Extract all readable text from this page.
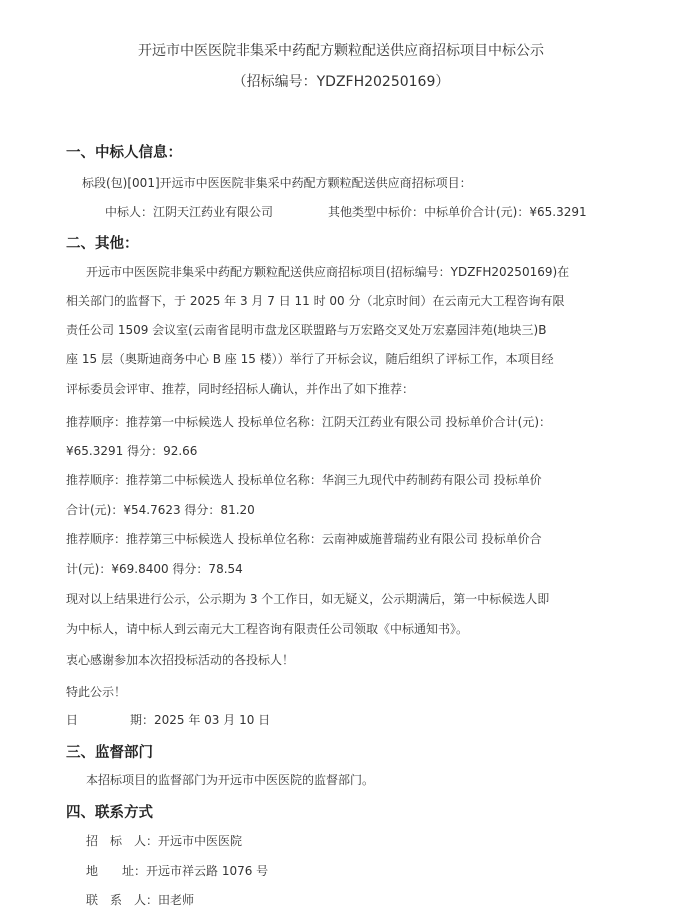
开远市中医医院非集采中药配方颗粒配送供应商招标项目中标公示
（招标编号：YDZFH20250169）
一、中标人信息：
标段(包)[001]开远市中医医院非集采中药配方颗粒配送供应商招标项目：
中标人：江阴天江药业有限公司	其他类型中标价：中标单价合计(元)：¥65.3291
二、其他：
开远市中医医院非集采中药配方颗粒配送供应商招标项目(招标编号：YDZFH20250169)在
相关部门的监督下，于 2025 年 3 月 7 日 11 时 00 分（北京时间）在云南元大工程咨询有限
责任公司 1509 会议室(云南省昆明市盘龙区联盟路与万宏路交叉处万宏嘉园沣苑(地块三)B
座 15 层（奥斯迪商务中心 B 座 15 楼））举行了开标会议，随后组织了评标工作，本项目经
评标委员会评审、推荐，同时经招标人确认，并作出了如下推荐：
推荐顺序：推荐第一中标候选人 投标单位名称：江阴天江药业有限公司 投标单价合计(元)：
¥65.3291 得分：92.66
推荐顺序：推荐第二中标候选人 投标单位名称：华润三九现代中药制药有限公司 投标单价
合计(元)：¥54.7623 得分：81.20
推荐顺序：推荐第三中标候选人 投标单位名称：云南神威施普瑞药业有限公司 投标单价合
计(元)：¥69.8400 得分：78.54
现对以上结果进行公示，公示期为 3 个工作日，如无疑义，公示期满后，第一中标候选人即
为中标人，请中标人到云南元大工程咨询有限责任公司领取《中标通知书》。
衷心感谢参加本次招投标活动的各投标人！
特此公示！
日	期：2025 年 03 月 10 日
三、监督部门
本招标项目的监督部门为开远市中医医院的监督部门。
四、联系方式
招　标　人：开远市中医医院
地 址：开远市祥云路 1076 号
联　系　人：田老师
